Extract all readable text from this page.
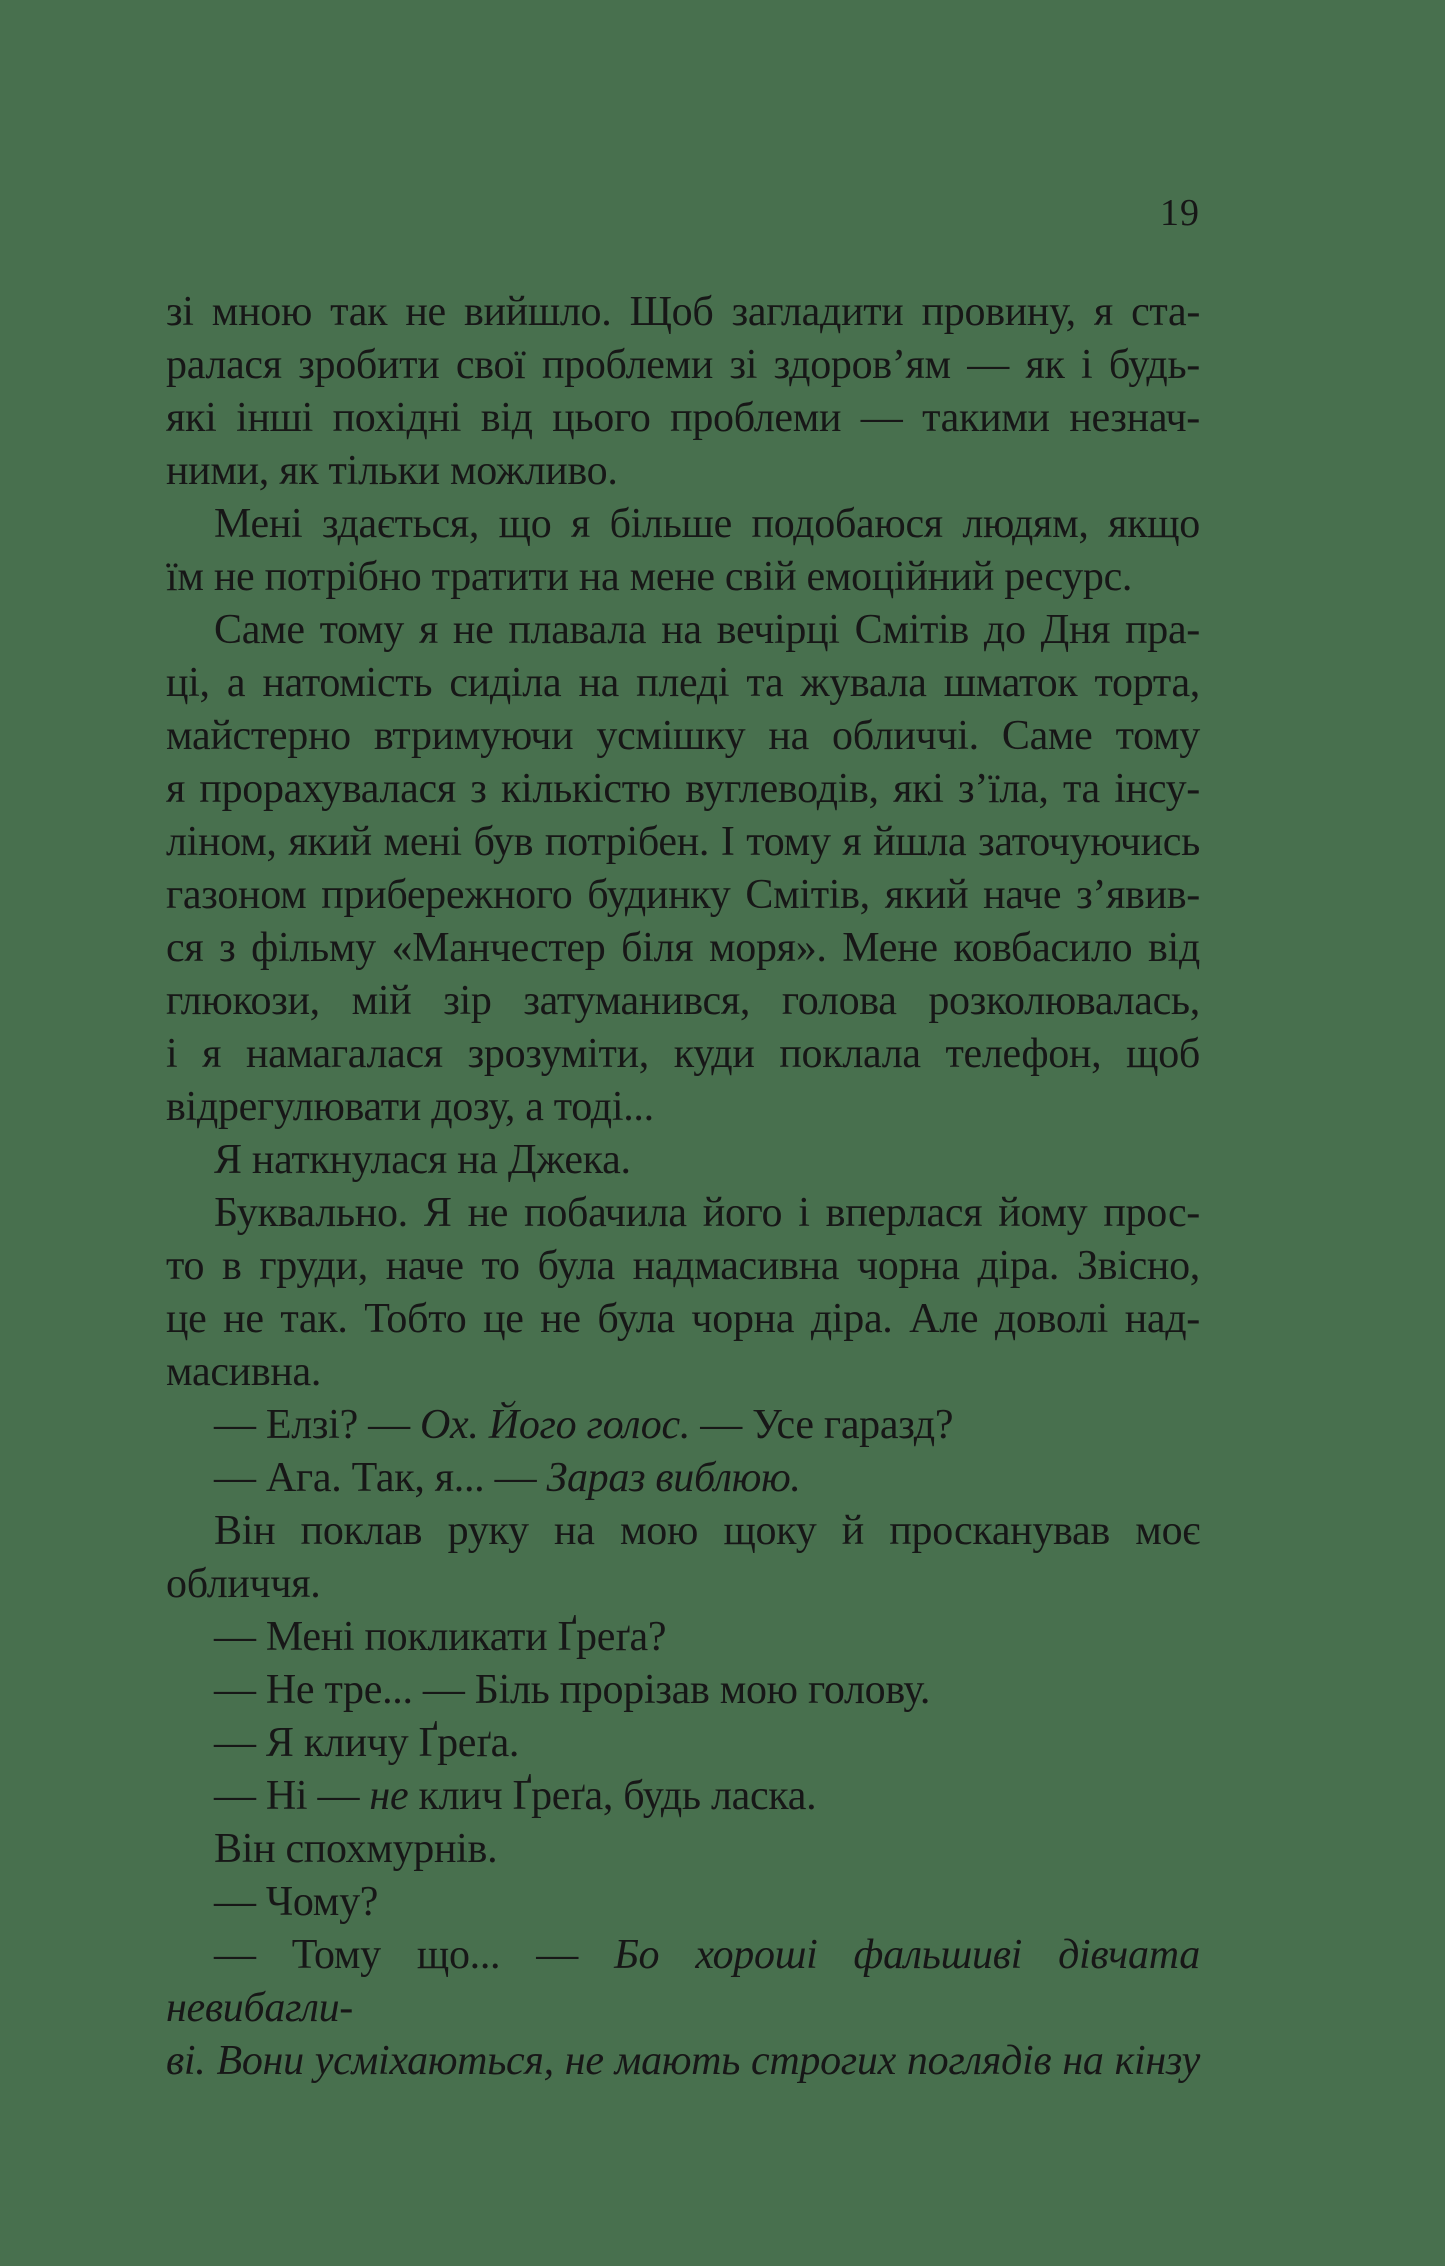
19
зі мною так не вийшло. Щоб загладити провину, я ста-
ралася зробити свої проблеми зі здоров’ям — як і будь-
які інші похідні від цього проблеми — такими незнач-
ними, як тільки можливо.
Мені здається, що я більше подобаюся людям, якщо
їм не потрібно тратити на мене свій емоційний ресурс.
Саме тому я не плавала на вечірці Смітів до Дня пра-
ці, а натомість сиділа на пледі та жувала шматок торта,
майстерно втримуючи усмішку на обличчі. Саме тому
я прорахувалася з кількістю вуглеводів, які з’їла, та інсу-
ліном, який мені був потрібен. І тому я йшла заточуючись
газоном прибережного будинку Смітів, який наче з’явив-
ся з фільму «Манчестер біля моря». Мене ковбасило від
глюкози, мій зір затуманився, голова розколювалась,
і я намагалася зрозуміти, куди поклала телефон, щоб
відрегулювати дозу, а тоді...
Я наткнулася на Джека.
Буквально. Я не побачила його і вперлася йому прос-
то в груди, наче то була надмасивна чорна діра. Звісно,
це не так. Тобто це не була чорна діра. Але доволі над-
масивна.
— Елзі? — Ох. Його голос. — Усе гаразд?
— Ага. Так, я... — Зараз виблюю.
Він поклав руку на мою щоку й просканував моє
обличчя.
— Мені покликати Ґреґа?
— Не тре... — Біль прорізав мою голову.
— Я кличу Ґреґа.
— Ні — не клич Ґреґа, будь ласка.
Він спохмурнів.
— Чому?
— Тому що... — Бо хороші фальшиві дівчата невибагли-
ві. Вони усміхаються, не мають строгих поглядів на кінзу
